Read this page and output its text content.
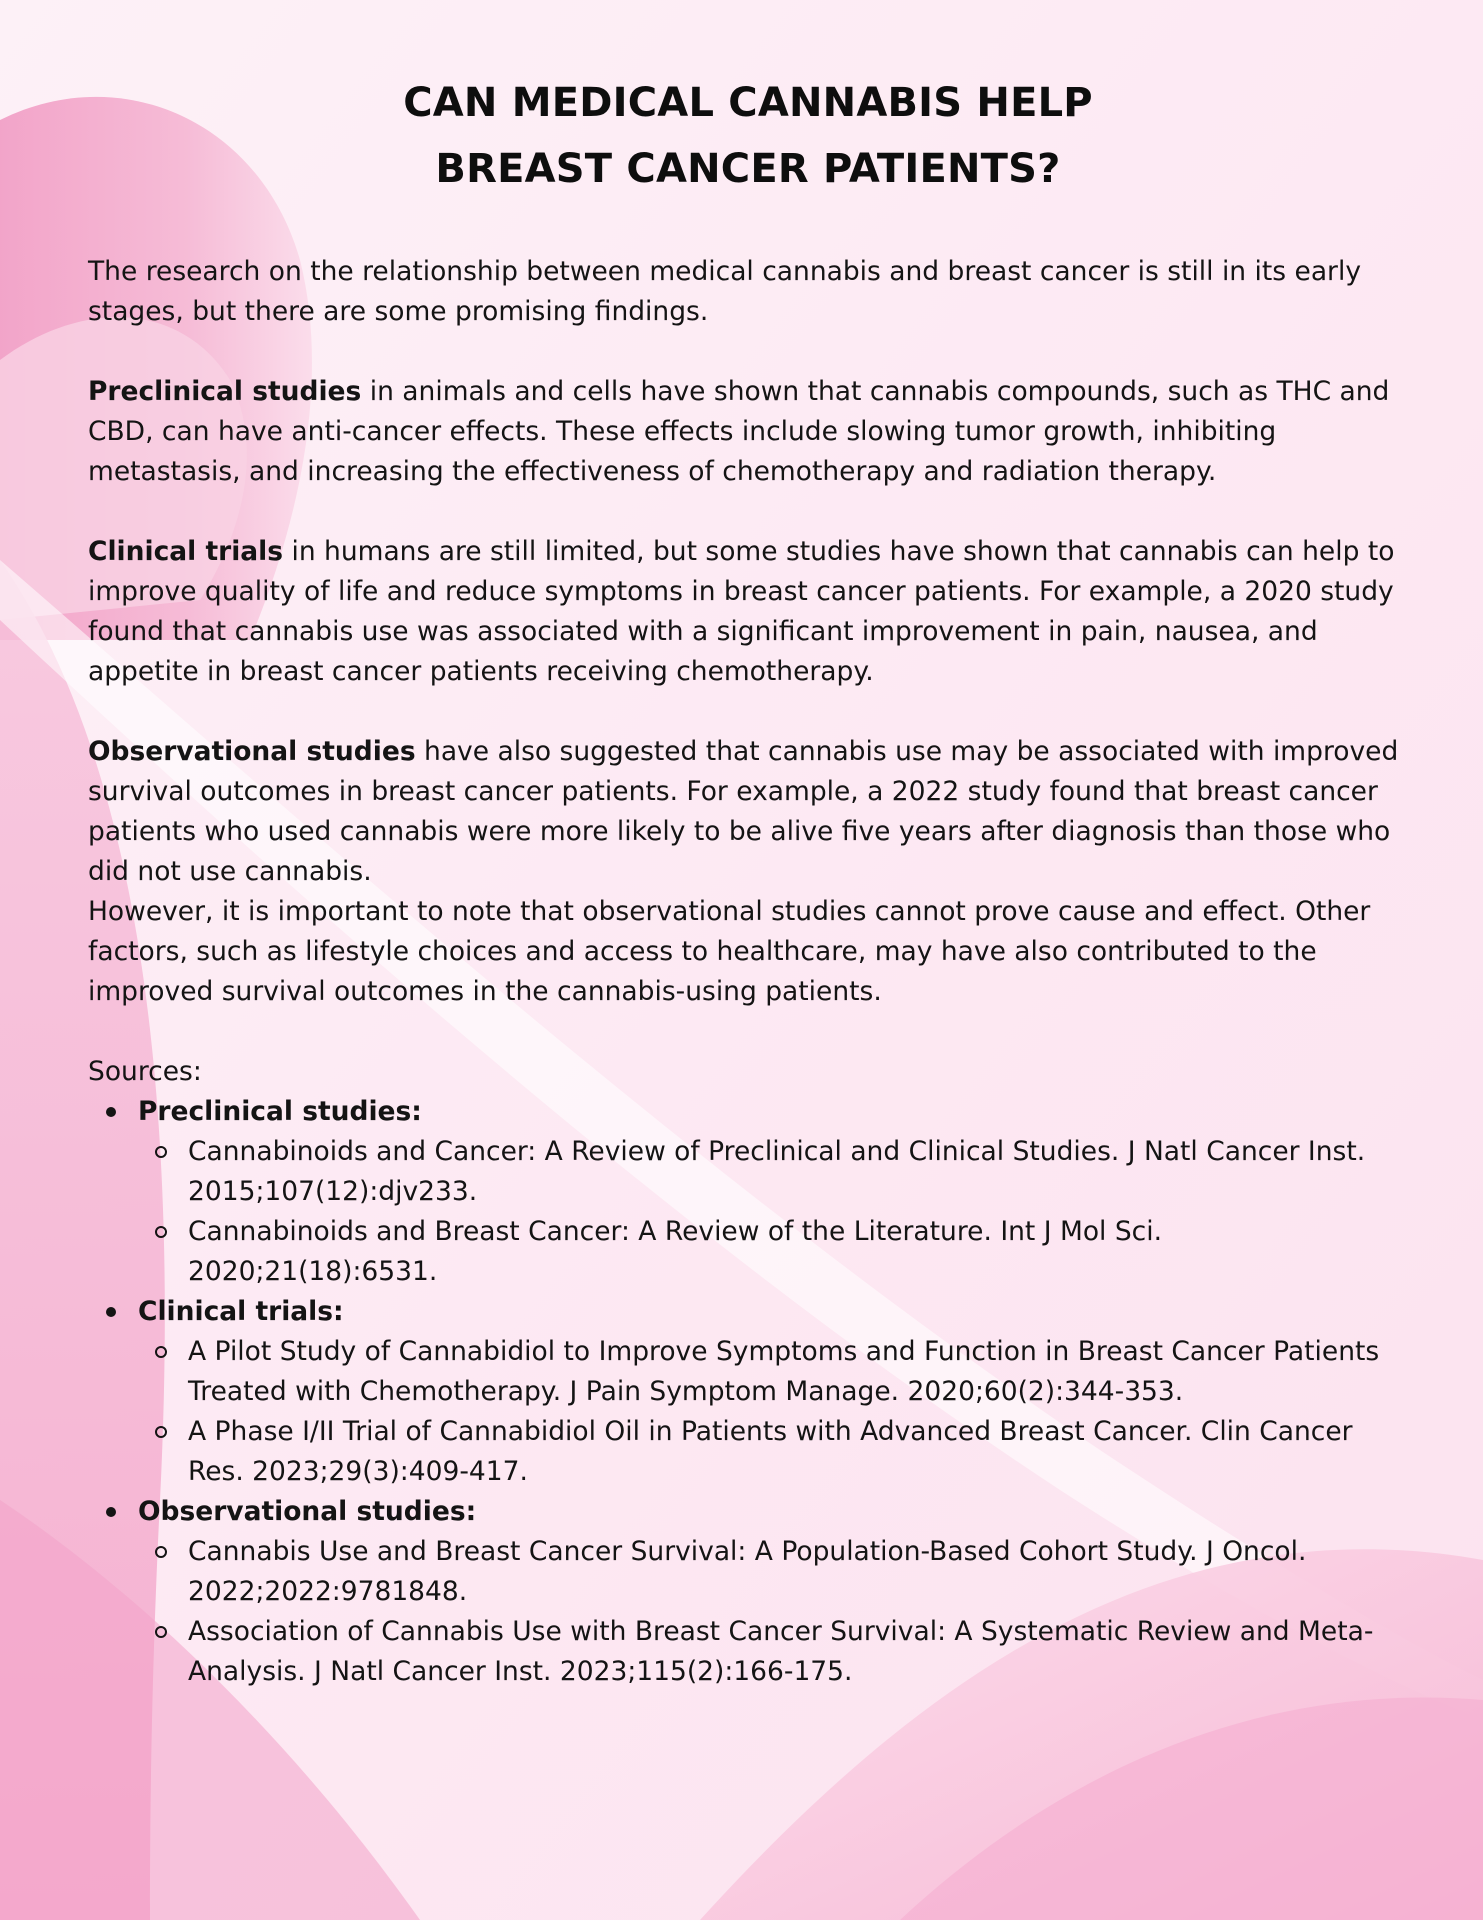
CAN MEDICAL CANNABIS HELP
BREAST CANCER PATIENTS?

The research on the relationship between medical cannabis and breast cancer is still in its early stages, but there are some promising findings.

Preclinical studies in animals and cells have shown that cannabis compounds, such as THC and CBD, can have anti-cancer effects. These effects include slowing tumor growth, inhibiting metastasis, and increasing the effectiveness of chemotherapy and radiation therapy.

Clinical trials in humans are still limited, but some studies have shown that cannabis can help to improve quality of life and reduce symptoms in breast cancer patients. For example, a 2020 study found that cannabis use was associated with a significant improvement in pain, nausea, and appetite in breast cancer patients receiving chemotherapy.

Observational studies have also suggested that cannabis use may be associated with improved survival outcomes in breast cancer patients. For example, a 2022 study found that breast cancer patients who used cannabis were more likely to be alive five years after diagnosis than those who did not use cannabis.

However, it is important to note that observational studies cannot prove cause and effect. Other factors, such as lifestyle choices and access to healthcare, may have also contributed to the improved survival outcomes in the cannabis-using patients.

Sources:
Preclinical studies:
Cannabinoids and Cancer: A Review of Preclinical and Clinical Studies. J Natl Cancer Inst. 2015;107(12):djv233.
Cannabinoids and Breast Cancer: A Review of the Literature. Int J Mol Sci. 2020;21(18):6531.
Clinical trials:
A Pilot Study of Cannabidiol to Improve Symptoms and Function in Breast Cancer Patients Treated with Chemotherapy. J Pain Symptom Manage. 2020;60(2):344-353.
A Phase I/II Trial of Cannabidiol Oil in Patients with Advanced Breast Cancer. Clin Cancer Res. 2023;29(3):409-417.
Observational studies:
Cannabis Use and Breast Cancer Survival: A Population-Based Cohort Study. J Oncol. 2022;2022:9781848.
Association of Cannabis Use with Breast Cancer Survival: A Systematic Review and Meta-Analysis. J Natl Cancer Inst. 2023;115(2):166-175.
